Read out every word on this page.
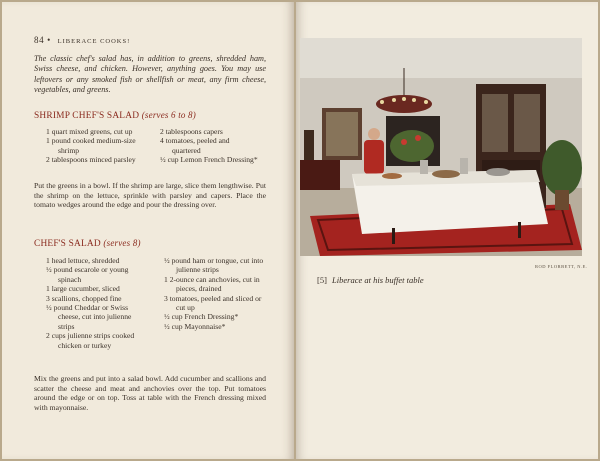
84 • LIBERACE COOKS!
The classic chef's salad has, in addition to greens, shredded ham, Swiss cheese, and chicken. However, anything goes. You may use leftovers or any smoked fish or shellfish or meat, any firm cheese, vegetables, and greens.
SHRIMP CHEF'S SALAD (serves 6 to 8)
1 quart mixed greens, cut up
1 pound cooked medium-size shrimp
2 tablespoons minced parsley
2 tablespoons capers
4 tomatoes, peeled and quartered
½ cup Lemon French Dressing*
Put the greens in a bowl. If the shrimp are large, slice them lengthwise. Put the shrimp on the lettuce, sprinkle with parsley and capers. Place the tomato wedges around the edge and pour the dressing over.
CHEF'S SALAD (serves 8)
1 head lettuce, shredded
½ pound escarole or young spinach
1 large cucumber, sliced
3 scallions, chopped fine
½ pound Cheddar or Swiss cheese, cut into julienne strips
2 cups julienne strips cooked chicken or turkey
½ pound ham or tongue, cut into julienne strips
1 2-ounce can anchovies, cut in pieces, drained
3 tomatoes, peeled and sliced or cut up
½ cup French Dressing*
½ cup Mayonnaise*
Mix the greens and put into a salad bowl. Add cucumber and scallions and scatter the cheese and meat and anchovies over the top. Put tomatoes around the edge or on top. Toss at table with the French dressing mixed with mayonnaise.
ROD FLORBETT, N.E.
[5] Liberace at his buffet table
